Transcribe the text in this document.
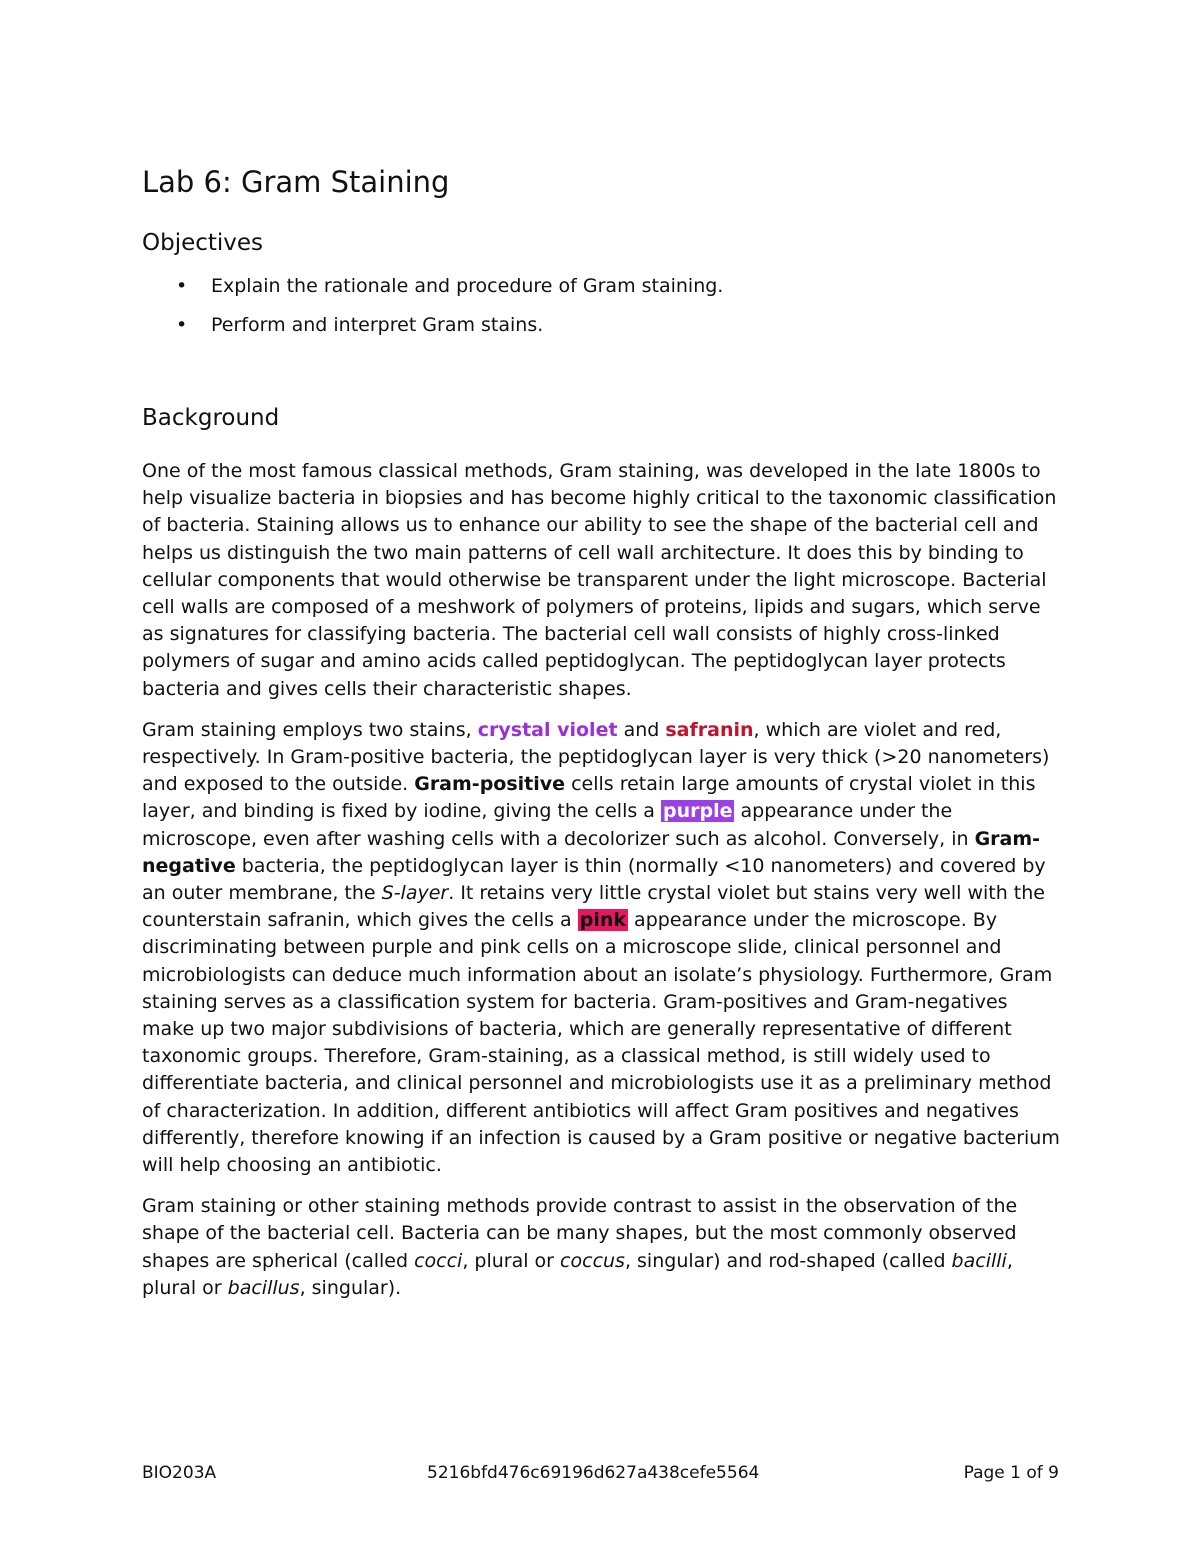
Lab 6: Gram Staining
Objectives
• Explain the rationale and procedure of Gram staining.
• Perform and interpret Gram stains.
Background

One of the most famous classical methods, Gram staining, was developed in the late 1800s to help visualize bacteria in biopsies and has become highly critical to the taxonomic classification of bacteria. Staining allows us to enhance our ability to see the shape of the bacterial cell and helps us distinguish the two main patterns of cell wall architecture. It does this by binding to cellular components that would otherwise be transparent under the light microscope. Bacterial cell walls are composed of a meshwork of polymers of proteins, lipids and sugars, which serve as signatures for classifying bacteria. The bacterial cell wall consists of highly cross-linked polymers of sugar and amino acids called peptidoglycan. The peptidoglycan layer protects bacteria and gives cells their characteristic shapes.

Gram staining employs two stains, crystal violet and safranin, which are violet and red, respectively. In Gram-positive bacteria, the peptidoglycan layer is very thick (>20 nanometers) and exposed to the outside. Gram-positive cells retain large amounts of crystal violet in this layer, and binding is fixed by iodine, giving the cells a purple appearance under the microscope, even after washing cells with a decolorizer such as alcohol. Conversely, in Gram-negative bacteria, the peptidoglycan layer is thin (normally <10 nanometers) and covered by an outer membrane, the S-layer. It retains very little crystal violet but stains very well with the counterstain safranin, which gives the cells a pink appearance under the microscope. By discriminating between purple and pink cells on a microscope slide, clinical personnel and microbiologists can deduce much information about an isolate’s physiology. Furthermore, Gram staining serves as a classification system for bacteria. Gram-positives and Gram-negatives make up two major subdivisions of bacteria, which are generally representative of different taxonomic groups. Therefore, Gram-staining, as a classical method, is still widely used to differentiate bacteria, and clinical personnel and microbiologists use it as a preliminary method of characterization. In addition, different antibiotics will affect Gram positives and negatives differently, therefore knowing if an infection is caused by a Gram positive or negative bacterium will help choosing an antibiotic.

Gram staining or other staining methods provide contrast to assist in the observation of the shape of the bacterial cell. Bacteria can be many shapes, but the most commonly observed shapes are spherical (called cocci, plural or coccus, singular) and rod-shaped (called bacilli, plural or bacillus, singular).

BIO203A	5216bfd476c69196d627a438cefe5564	Page 1 of 9
